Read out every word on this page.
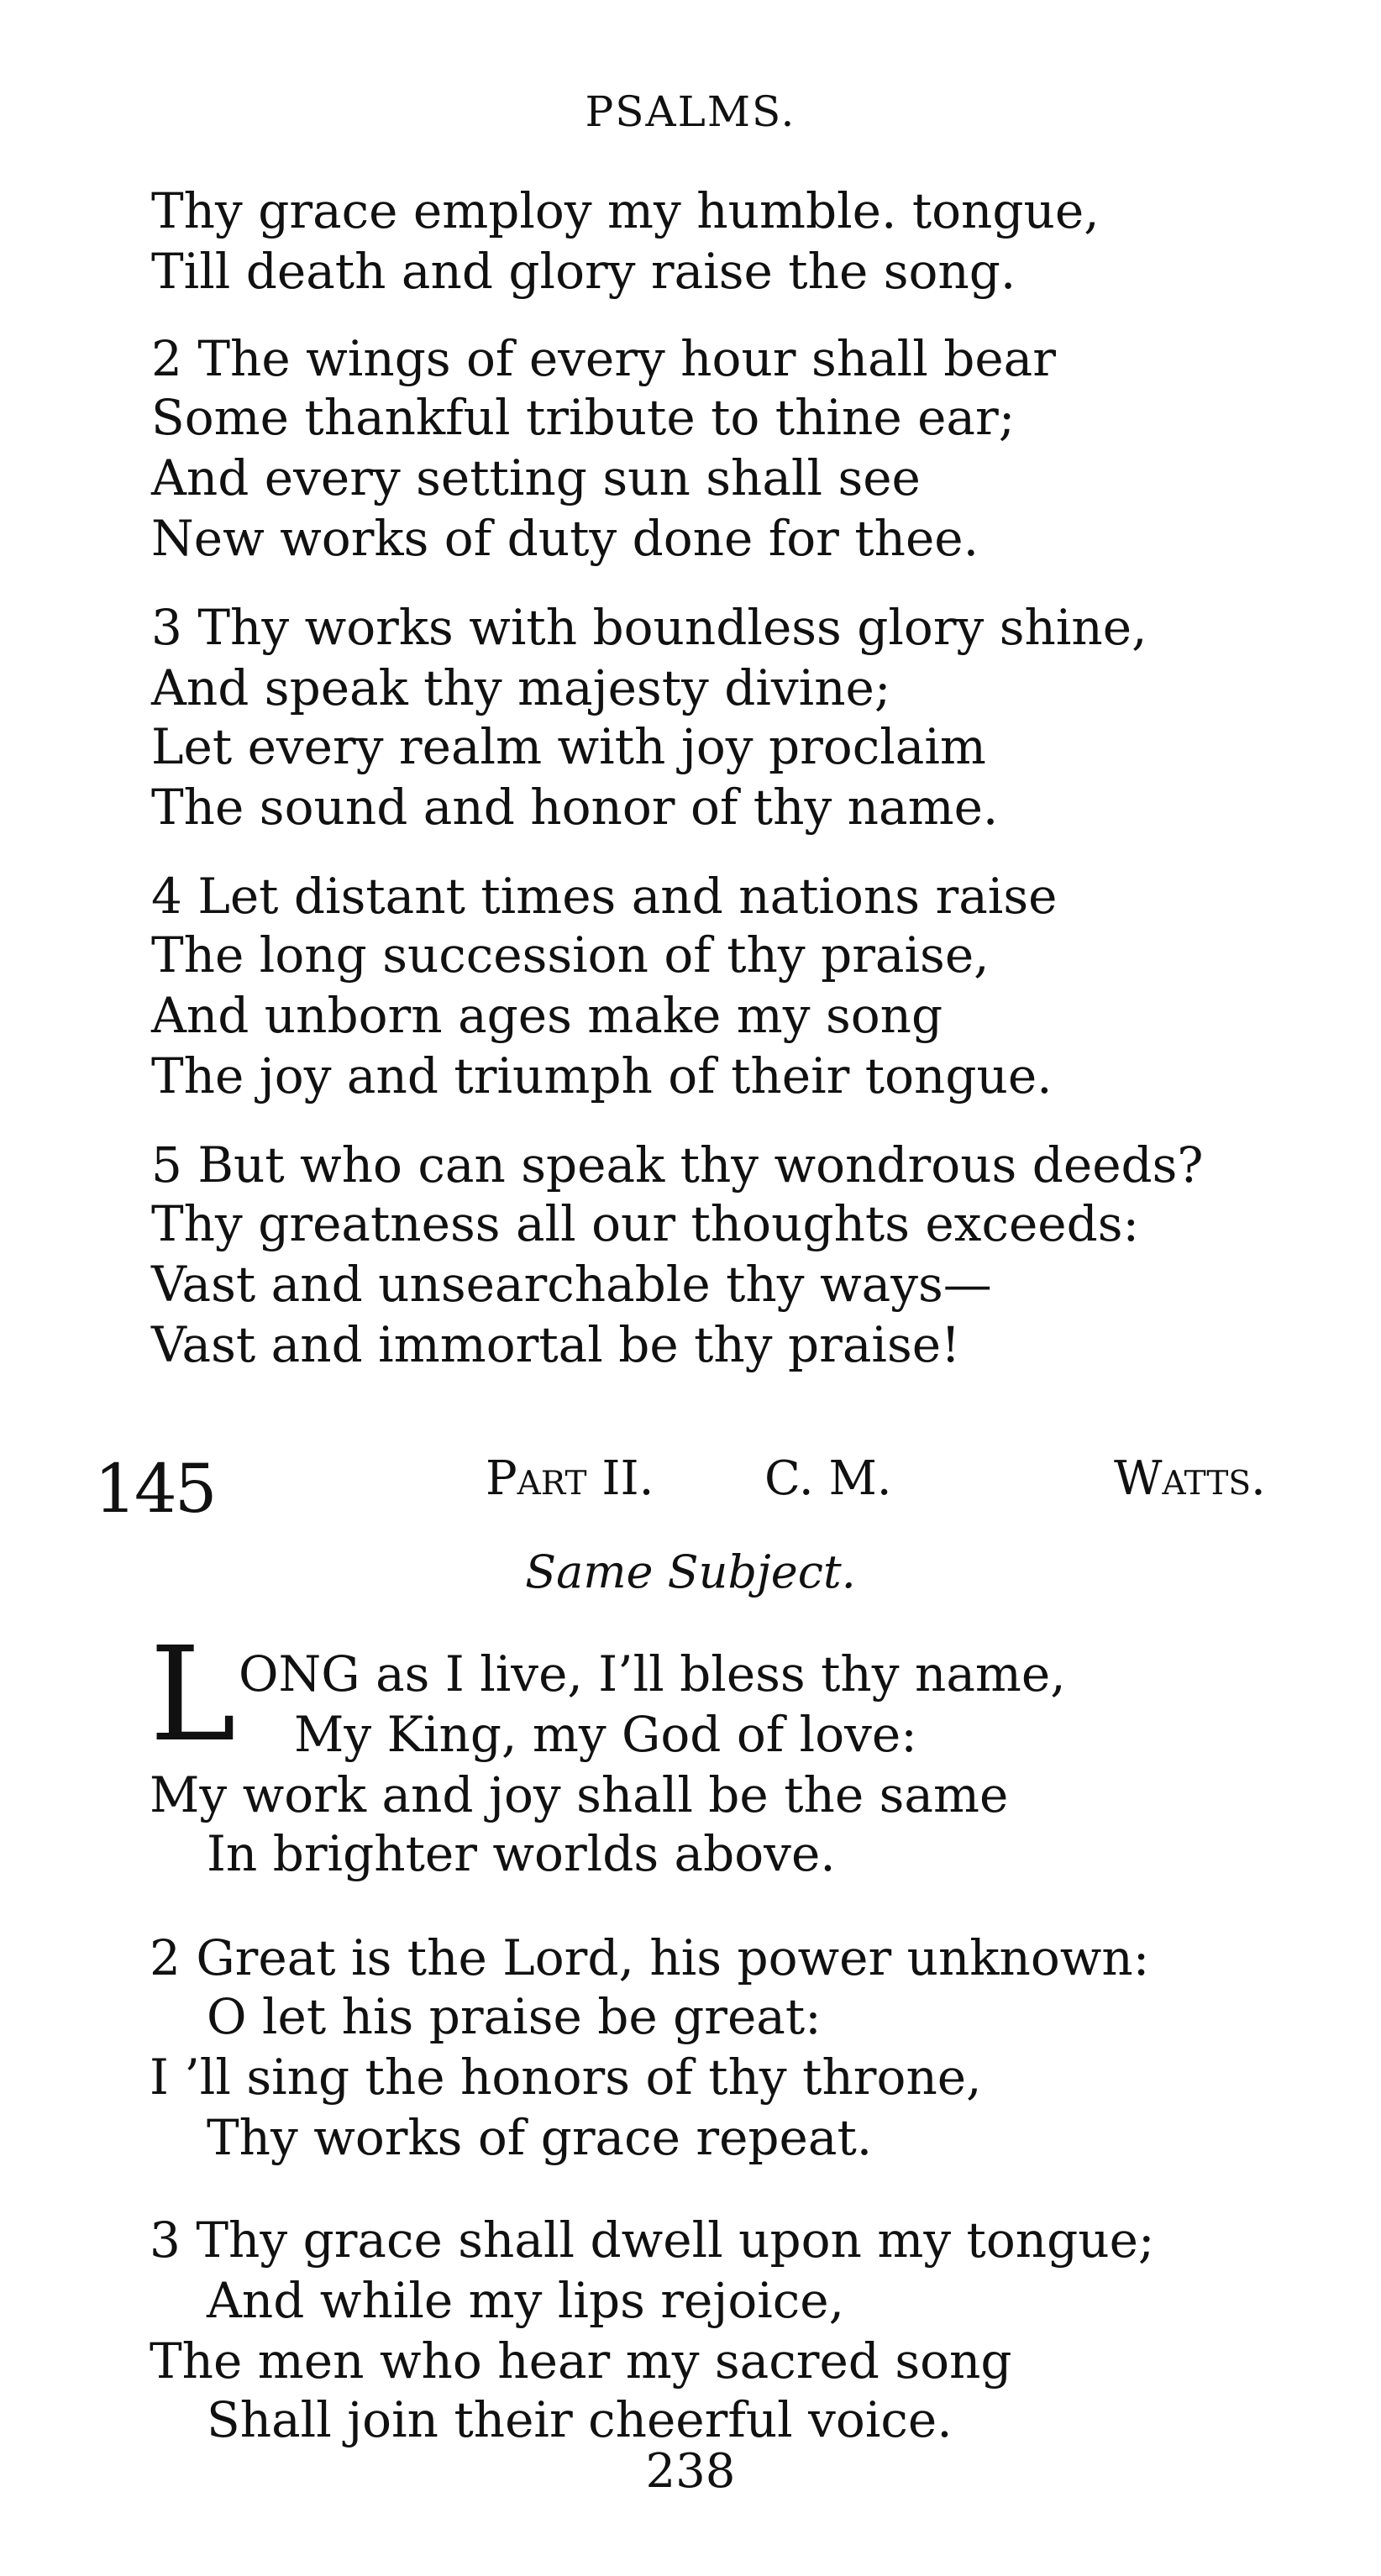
PSALMS.
Thy grace employ my humble. tongue,
Till death and glory raise the song.
2 The wings of every hour shall bear
Some thankful tribute to thine ear;
And every setting sun shall see
New works of duty done for thee.
3 Thy works with boundless glory shine,
And speak thy majesty divine;
Let every realm with joy proclaim
The sound and honor of thy name.
4 Let distant times and nations raise
The long succession of thy praise,
And unborn ages make my song
The joy and triumph of their tongue.
5 But who can speak thy wondrous deeds?
Thy greatness all our thoughts exceeds:
Vast and unsearchable thy ways—
Vast and immortal be thy praise!
145	Part II. C. M.	Watts.
Same Subject.
L ONG as I live, I’ll bless thy name,
My King, my God of love:
My work and joy shall be the same
In brighter worlds above.
2 Great is the Lord, his power unknown:
O let his praise be great:
I ’ll sing the honors of thy throne,
Thy works of grace repeat.
3 Thy grace shall dwell upon my tongue;
And while my lips rejoice,
The men who hear my sacred song
Shall join their cheerful voice.
238
